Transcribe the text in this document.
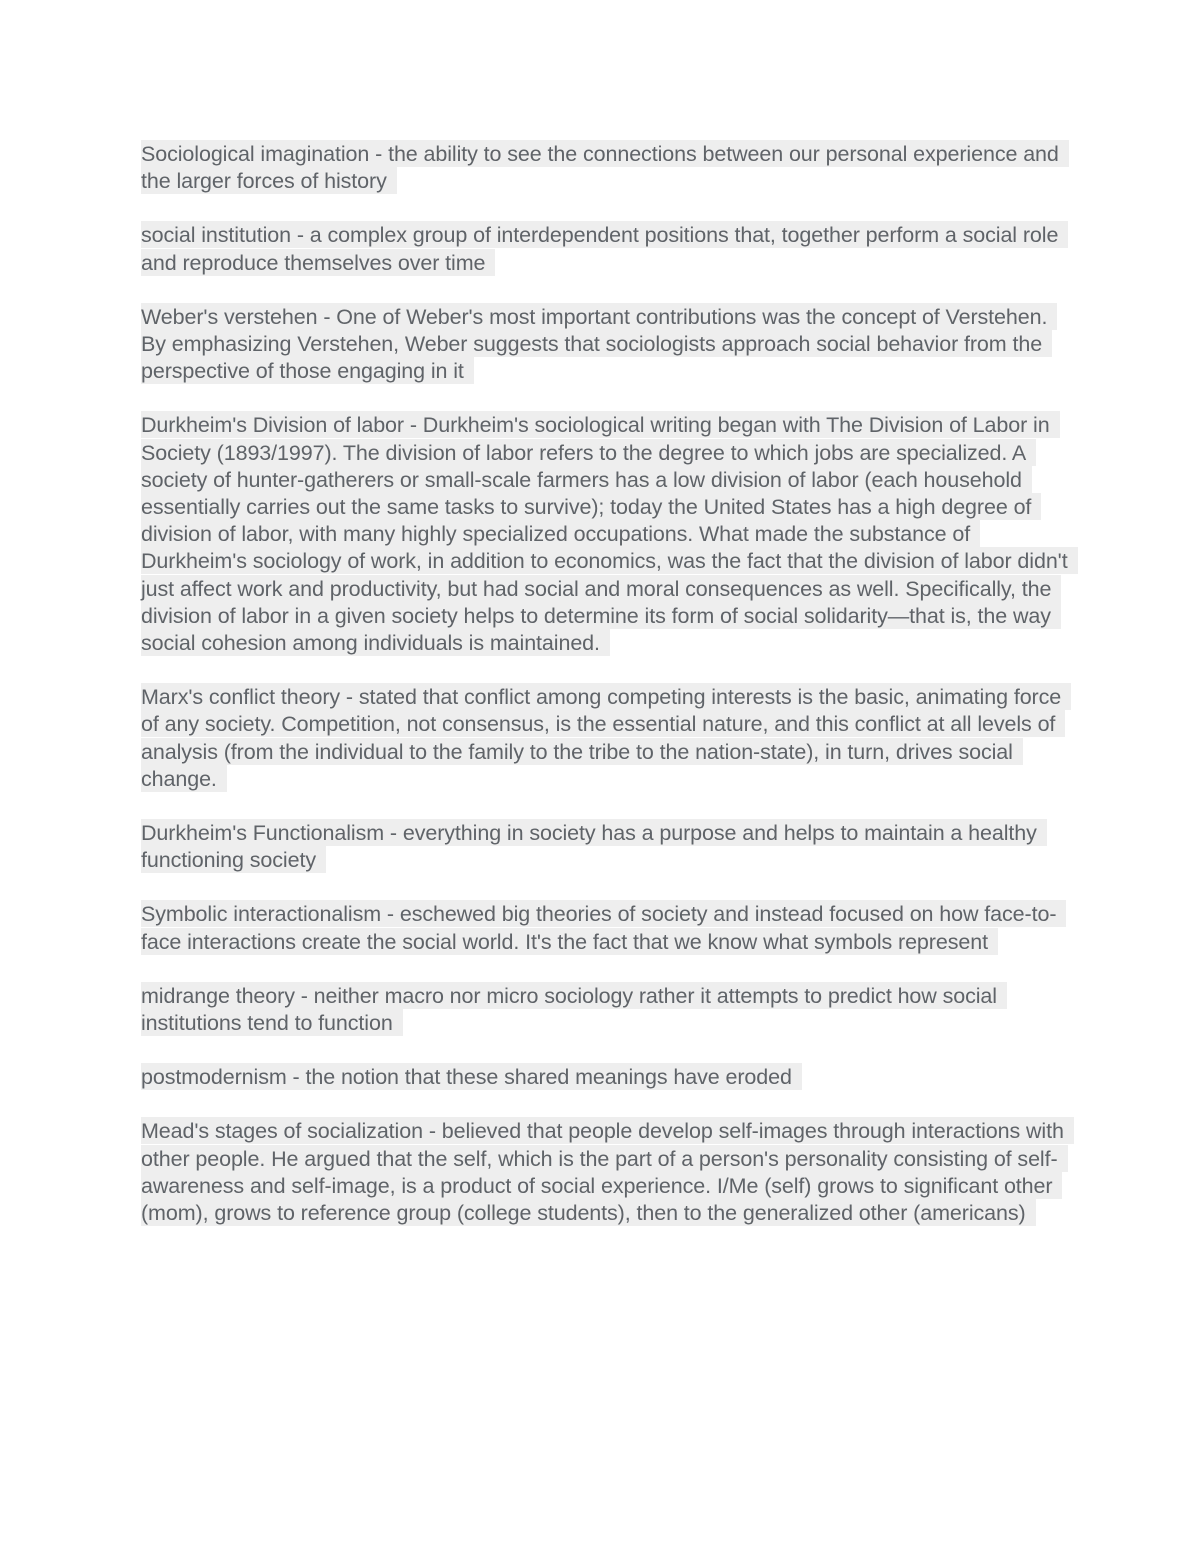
Sociological imagination - the ability to see the connections between our personal experience and the larger forces of history

social institution - a complex group of interdependent positions that, together perform a social role and reproduce themselves over time

Weber's verstehen - One of Weber's most important contributions was the concept of Verstehen. By emphasizing Verstehen, Weber suggests that sociologists approach social behavior from the perspective of those engaging in it

Durkheim's Division of labor - Durkheim's sociological writing began with The Division of Labor in Society (1893/1997). The division of labor refers to the degree to which jobs are specialized. A society of hunter-gatherers or small-scale farmers has a low division of labor (each household essentially carries out the same tasks to survive); today the United States has a high degree of division of labor, with many highly specialized occupations. What made the substance of Durkheim's sociology of work, in addition to economics, was the fact that the division of labor didn't just affect work and productivity, but had social and moral consequences as well. Specifically, the division of labor in a given society helps to determine its form of social solidarity—that is, the way social cohesion among individuals is maintained.

Marx's conflict theory - stated that conflict among competing interests is the basic, animating force of any society. Competition, not consensus, is the essential nature, and this conflict at all levels of analysis (from the individual to the family to the tribe to the nation-state), in turn, drives social change.

Durkheim's Functionalism - everything in society has a purpose and helps to maintain a healthy functioning society

Symbolic interactionalism - eschewed big theories of society and instead focused on how face-to-face interactions create the social world. It's the fact that we know what symbols represent

midrange theory - neither macro nor micro sociology rather it attempts to predict how social institutions tend to function

postmodernism - the notion that these shared meanings have eroded

Mead's stages of socialization - believed that people develop self-images through interactions with other people. He argued that the self, which is the part of a person's personality consisting of self-awareness and self-image, is a product of social experience. I/Me (self) grows to significant other (mom), grows to reference group (college students), then to the generalized other (americans)
